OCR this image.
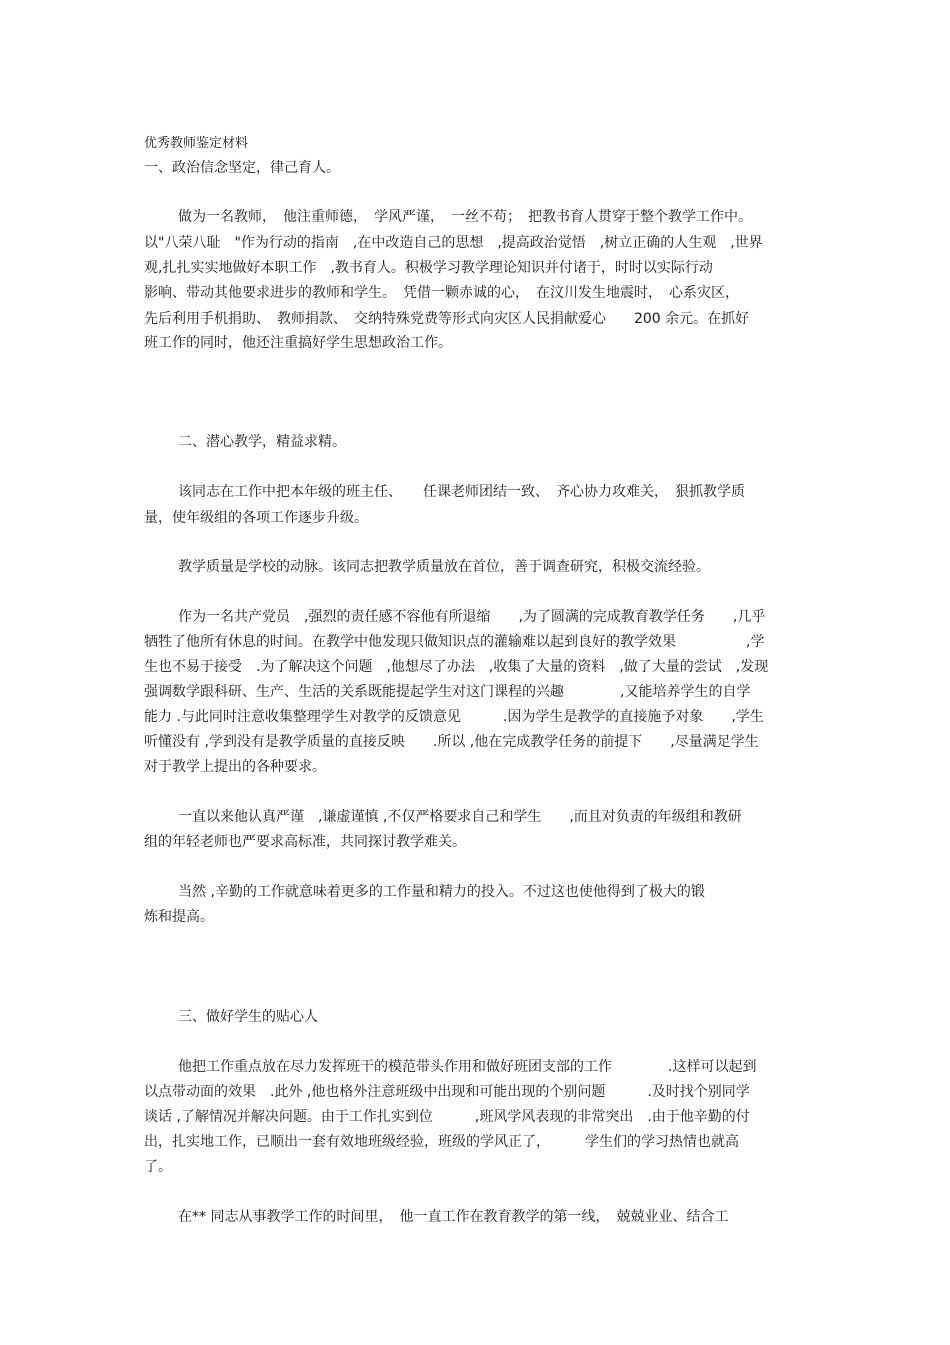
优秀教师鉴定材料

一、政治信念坚定，律己育人。

做为一名教师，　他注重师德，　学风严谨，　一丝不苟；　把教书育人贯穿于整个教学工作中。

以"八荣八耻　"作为行动的指南　,在中改造自己的思想　,提高政治觉悟　,树立正确的人生观　,世界

观,扎扎实实地做好本职工作　,教书育人。积极学习教学理论知识并付诸于，时时以实际行动

影响、带动其他要求进步的教师和学生。　凭借一颗赤诚的心，　在汶川发生地震时，　心系灾区，

先后利用手机捐助、　教师捐款、　交纳特殊党费等形式向灾区人民捐献爱心　　200 余元。在抓好

班工作的同时，他还注重搞好学生思想政治工作。

二、潜心教学，精益求精。

该同志在工作中把本年级的班主任、　　任课老师团结一致、　齐心协力攻难关，　狠抓教学质

量，使年级组的各项工作逐步升级。

教学质量是学校的动脉。该同志把教学质量放在首位，善于调查研究，积极交流经验。

作为一名共产党员　,强烈的责任感不容他有所退缩　　,为了圆满的完成教育教学任务　　,几乎

牺牲了他所有休息的时间。在教学中他发现只做知识点的灌输难以起到良好的教学效果　　　　　,学

生也不易于接受　.为了解决这个问题　,他想尽了办法　,收集了大量的资料　,做了大量的尝试　,发现

强调数学跟科研、生产、生活的关系既能提起学生对这门课程的兴趣　　　　,又能培养学生的自学

能力 .与此同时注意收集整理学生对教学的反馈意见　　　.因为学生是教学的直接施予对象　　,学生

听懂没有 ,学到没有是教学质量的直接反映　　.所以 ,他在完成教学任务的前提下　　,尽量满足学生

对于教学上提出的各种要求。

一直以来他认真严谨　,谦虚谨慎 ,不仅严格要求自己和学生　　,而且对负责的年级组和教研

组的年轻老师也严要求高标准，共同探讨教学难关。

当然 ,辛勤的工作就意味着更多的工作量和精力的投入。不过这也使他得到了极大的锻

炼和提高。

三、做好学生的贴心人

他把工作重点放在尽力发挥班干的模范带头作用和做好班团支部的工作　　　　.这样可以起到

以点带动面的效果　.此外 ,他也格外注意班级中出现和可能出现的个别问题　　　.及时找个别同学

谈话 ,了解情况并解决问题。由于工作扎实到位　　　,班风学风表现的非常突出　.由于他辛勤的付

出，扎实地工作，已顺出一套有效地班级经验，班级的学风正了，　　　学生们的学习热情也就高

了。

在** 同志从事教学工作的时间里，　他一直工作在教育教学的第一线，　兢兢业业、结合工
